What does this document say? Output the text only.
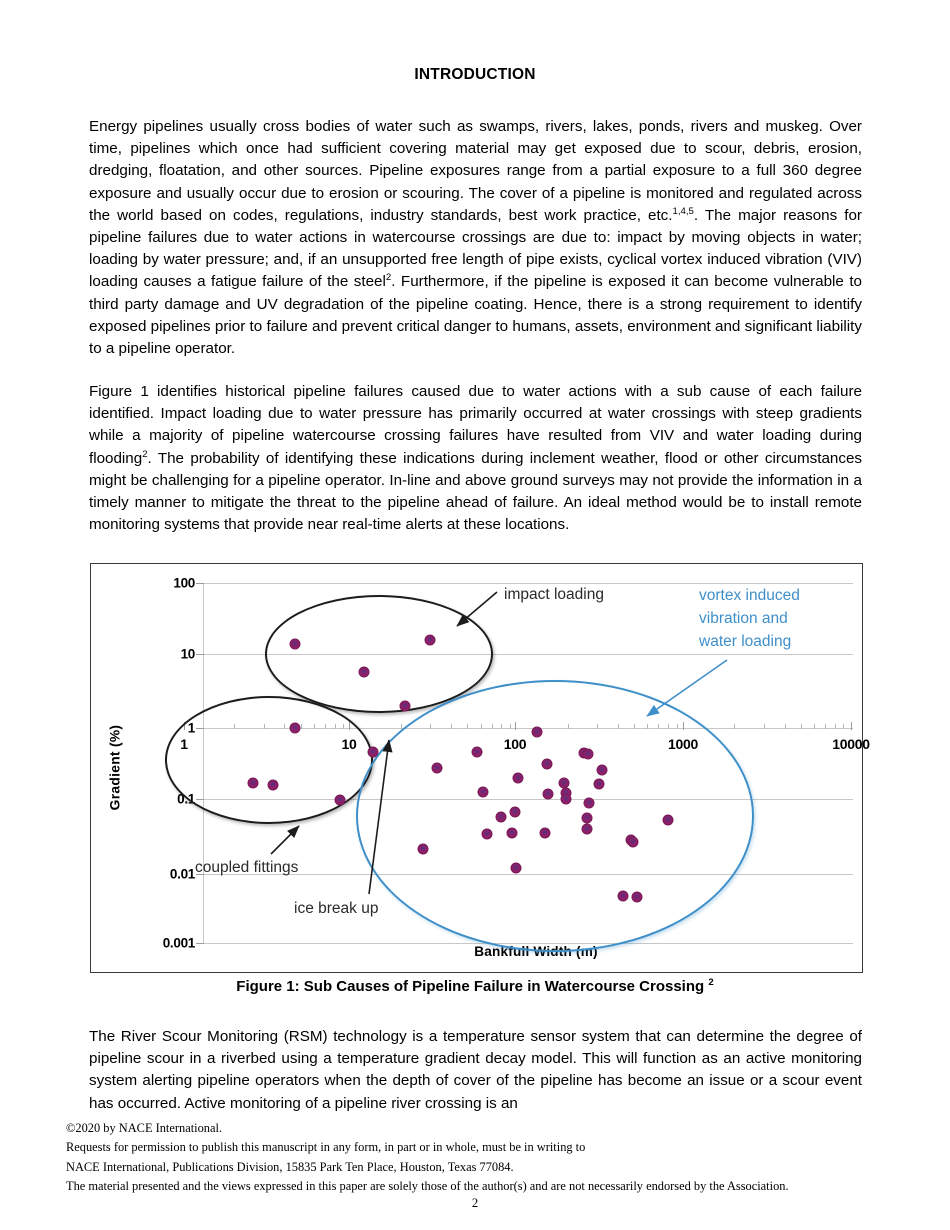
INTRODUCTION
Energy pipelines usually cross bodies of water such as swamps, rivers, lakes, ponds, rivers and muskeg. Over time, pipelines which once had sufficient covering material may get exposed due to scour, debris, erosion, dredging, floatation, and other sources. Pipeline exposures range from a partial exposure to a full 360 degree exposure and usually occur due to erosion or scouring. The cover of a pipeline is monitored and regulated across the world based on codes, regulations, industry standards, best work practice, etc.$^{1,4,5}$. The major reasons for pipeline failures due to water actions in watercourse crossings are due to: impact by moving objects in water; loading by water pressure; and, if an unsupported free length of pipe exists, cyclical vortex induced vibration (VIV) loading causes a fatigue failure of the steel$^2$. Furthermore, if the pipeline is exposed it can become vulnerable to third party damage and UV degradation of the pipeline coating. Hence, there is a strong requirement to identify exposed pipelines prior to failure and prevent critical danger to humans, assets, environment and significant liability to a pipeline operator.
Figure 1 identifies historical pipeline failures caused due to water actions with a sub cause of each failure identified. Impact loading due to water pressure has primarily occurred at water crossings with steep gradients while a majority of pipeline watercourse crossing failures have resulted from VIV and water loading during flooding$^2$. The probability of identifying these indications during inclement weather, flood or other circumstances might be challenging for a pipeline operator. In-line and above ground surveys may not provide the information in a timely manner to mitigate the threat to the pipeline ahead of failure. An ideal method would be to install remote monitoring systems that provide near real-time alerts at these locations.
100
10
1
0.1
0.01
0.001
Gradient (%)	1	10	100	1000	10000
Bankfull Width (m)
impact loading	vortex induced
vibration and
water loading
coupled fittings
ice break up
Figure 1: Sub Causes of Pipeline Failure in Watercourse Crossing $^2$
The River Scour Monitoring (RSM) technology is a temperature sensor system that can determine the degree of pipeline scour in a riverbed using a temperature gradient decay model. This will function as an active monitoring system alerting pipeline operators when the depth of cover of the pipeline has become an issue or a scour event has occurred. Active monitoring of a pipeline river crossing is an
©2020 by NACE International.
Requests for permission to publish this manuscript in any form, in part or in whole, must be in writing to
NACE International, Publications Division, 15835 Park Ten Place, Houston, Texas 77084.
The material presented and the views expressed in this paper are solely those of the author(s) and are not necessarily endorsed by the Association.
2
